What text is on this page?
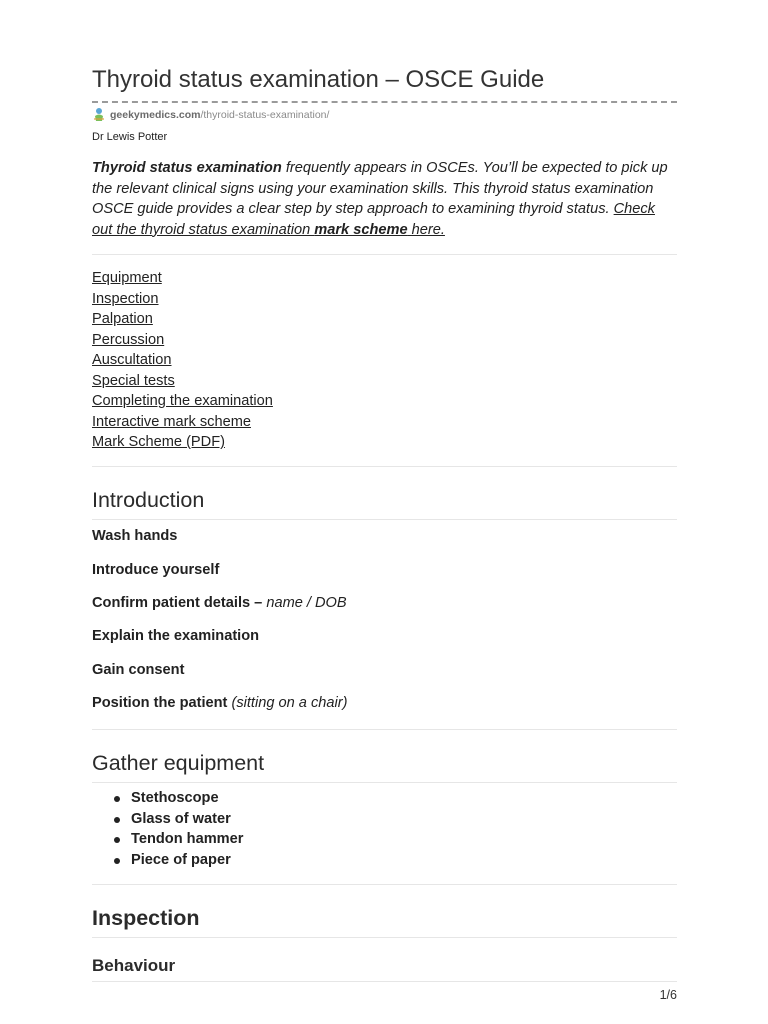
Thyroid status examination – OSCE Guide
geekymedics.com/thyroid-status-examination/
Dr Lewis Potter
Thyroid status examination frequently appears in OSCEs. You’ll be expected to pick up the relevant clinical signs using your examination skills. This thyroid status examination OSCE guide provides a clear step by step approach to examining thyroid status. Check out the thyroid status examination mark scheme here.
Equipment
Inspection
Palpation
Percussion
Auscultation
Special tests
Completing the examination
Interactive mark scheme
Mark Scheme (PDF)
Introduction
Wash hands
Introduce yourself
Confirm patient details – name / DOB
Explain the examination
Gain consent
Position the patient (sitting on a chair)
Gather equipment
Stethoscope
Glass of water
Tendon hammer
Piece of paper
Inspection
Behaviour
1/6
